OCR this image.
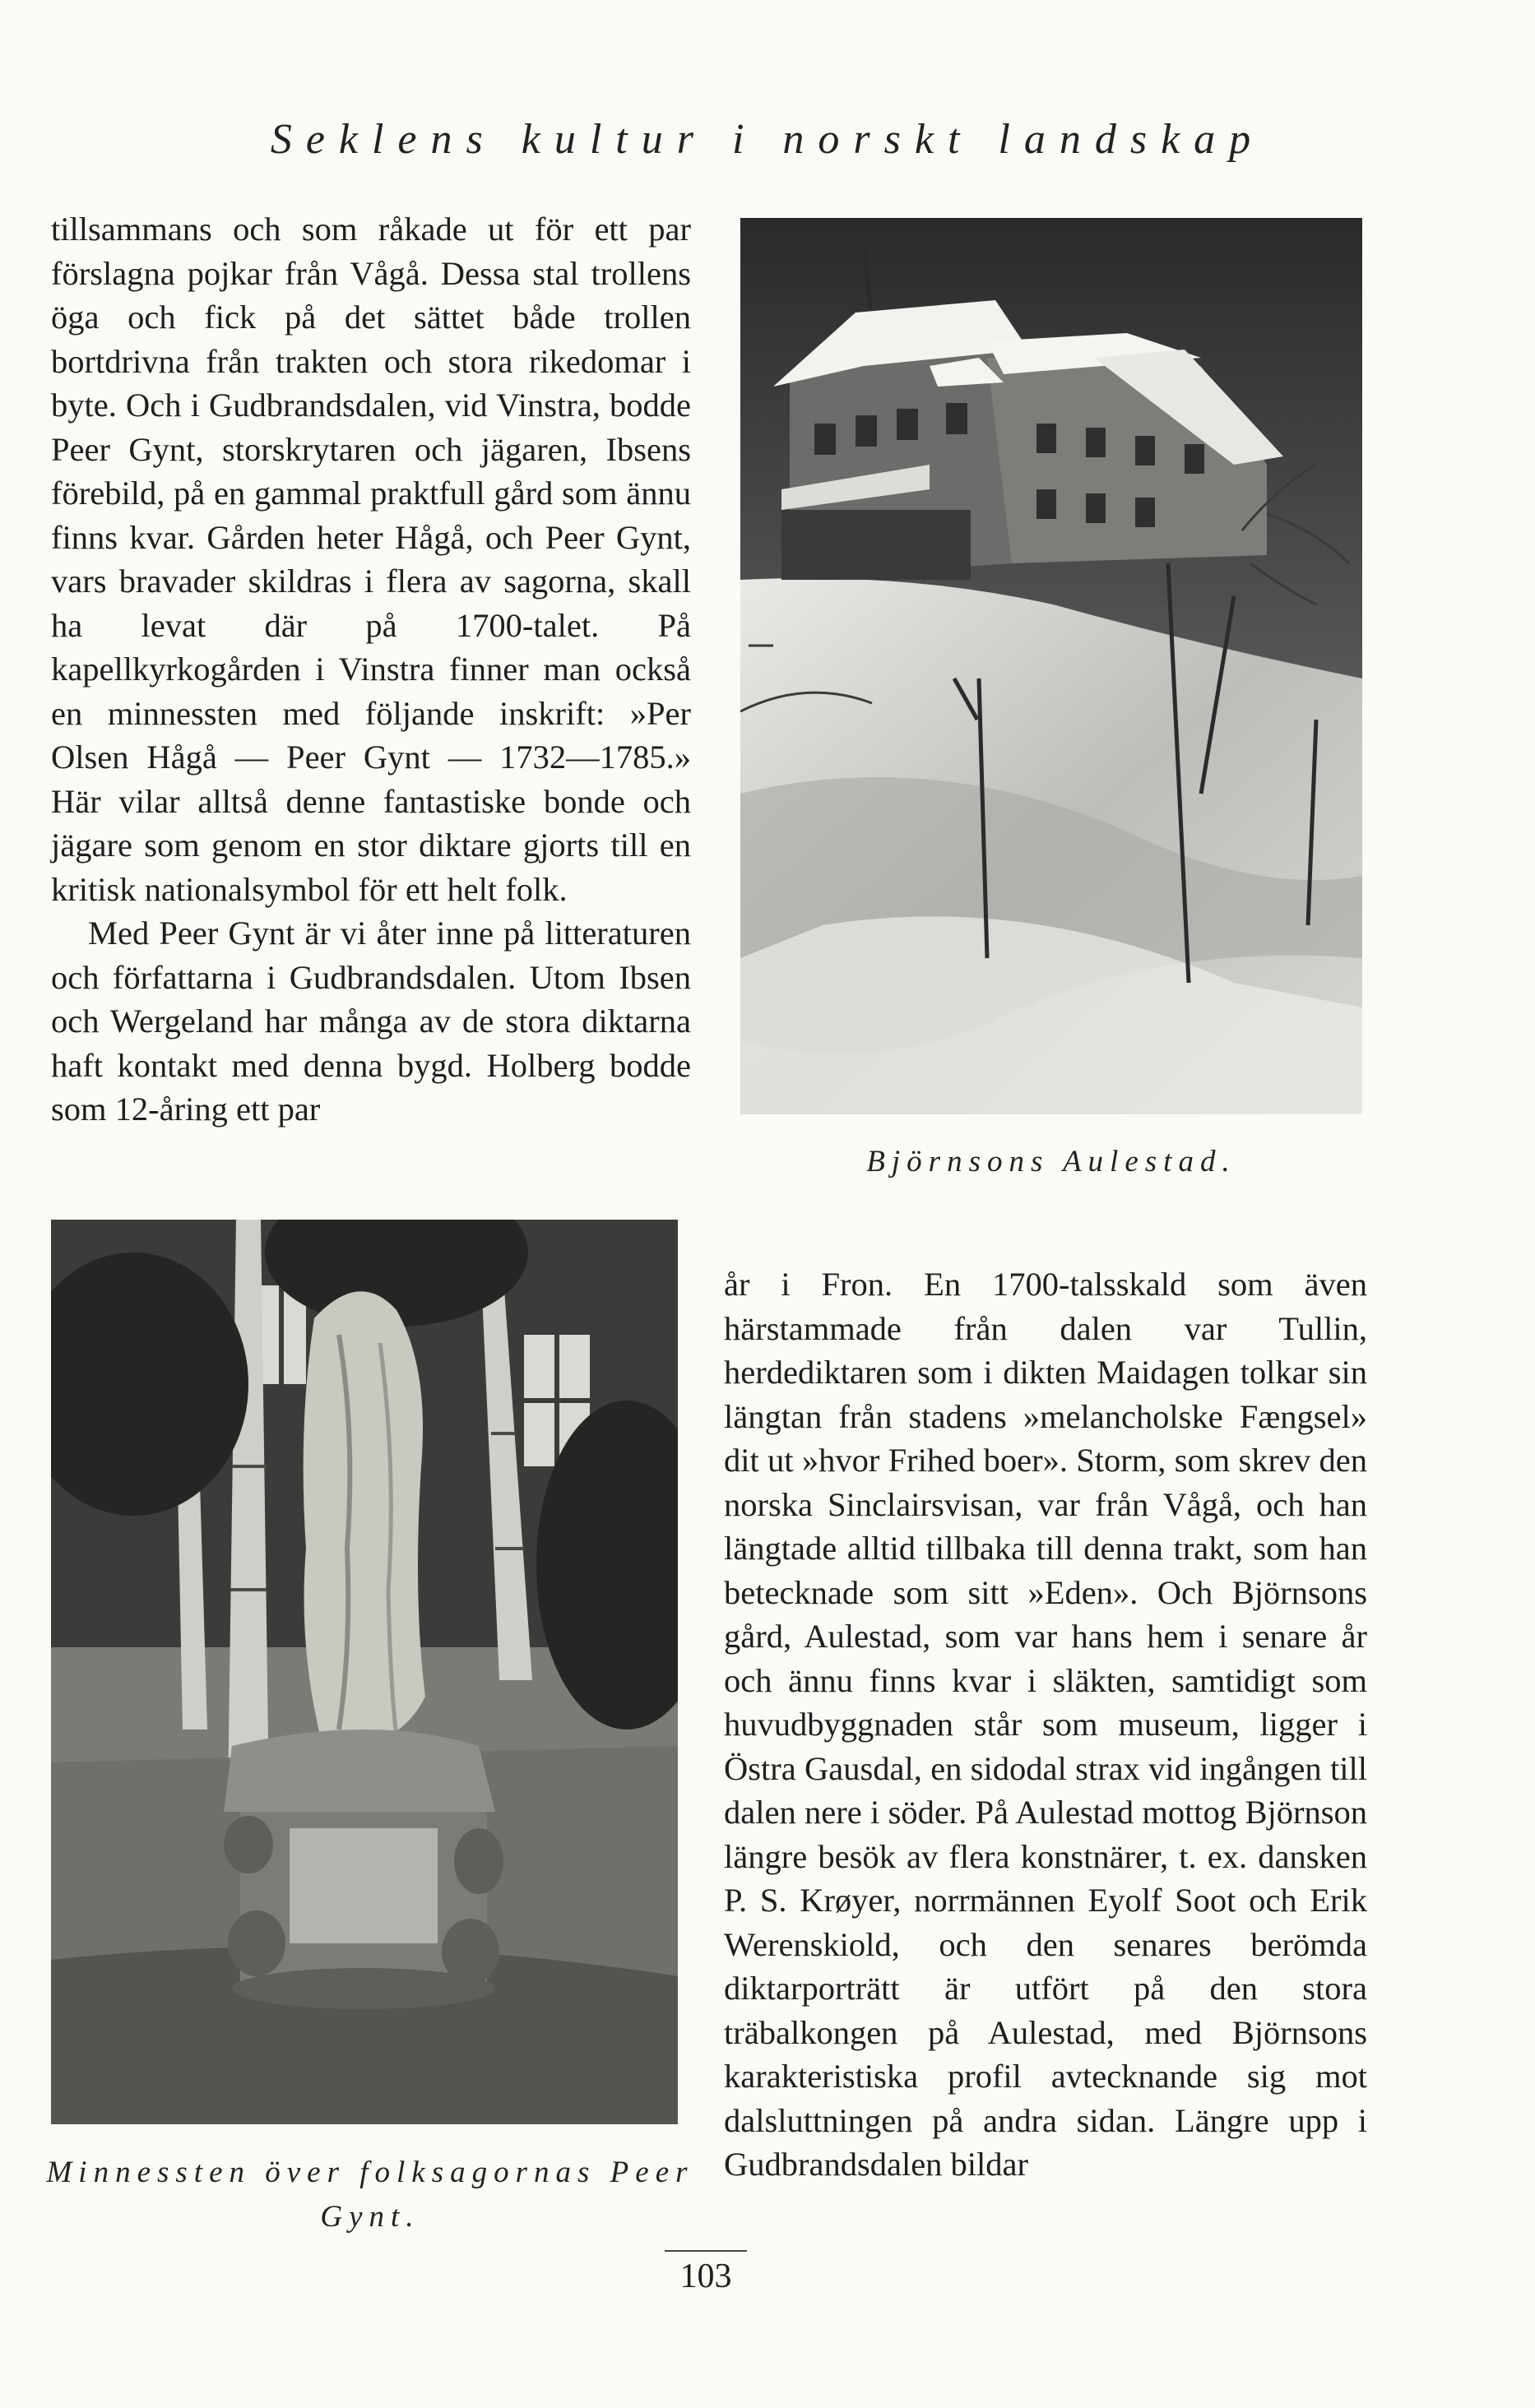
Seklens kultur i norskt landskap

tillsammans och som råkade ut för ett par förslagna pojkar från Vågå. Dessa stal trollens öga och fick på det sättet både trollen bortdrivna från trakten och stora rikedomar i byte. Och i Gudbrandsdalen, vid Vinstra, bodde Peer Gynt, storskrytaren och jägaren, Ibsens förebild, på en gammal praktfull gård som ännu finns kvar. Gården heter Hågå, och Peer Gynt, vars bravader skildras i flera av sagorna, skall ha levat där på 1700-talet. På kapellkyrkogården i Vinstra finner man också en minnessten med följande inskrift: »Per Olsen Hågå — Peer Gynt — 1732—1785.» Här vilar alltså denne fantastiske bonde och jägare som genom en stor diktare gjorts till en kritisk nationalsymbol för ett helt folk.

Med Peer Gynt är vi åter inne på litteraturen och författarna i Gudbrandsdalen. Utom Ibsen och Wergeland har många av de stora diktarna haft kontakt med denna bygd. Holberg bodde som 12-åring ett par

Björnsons Aulestad.
Minnessten över folksagornas Peer Gynt.

år i Fron. En 1700-talsskald som även härstammade från dalen var Tullin, herdediktaren som i dikten Maidagen tolkar sin längtan från stadens »melancholske Fængsel» dit ut »hvor Frihed boer». Storm, som skrev den norska Sinclairsvisan, var från Vågå, och han längtade alltid tillbaka till denna trakt, som han betecknade som sitt »Eden». Och Björnsons gård, Aulestad, som var hans hem i senare år och ännu finns kvar i släkten, samtidigt som huvudbyggnaden står som museum, ligger i Östra Gausdal, en sidodal strax vid ingången till dalen nere i söder. På Aulestad mottog Björnson längre besök av flera konstnärer, t. ex. dansken P. S. Krøyer, norrmännen Eyolf Soot och Erik Werenskiold, och den senares berömda diktarporträtt är utfört på den stora träbalkongen på Aulestad, med Björnsons karakteristiska profil avtecknande sig mot dalsluttningen på andra sidan. Längre upp i Gudbrandsdalen bildar

103
